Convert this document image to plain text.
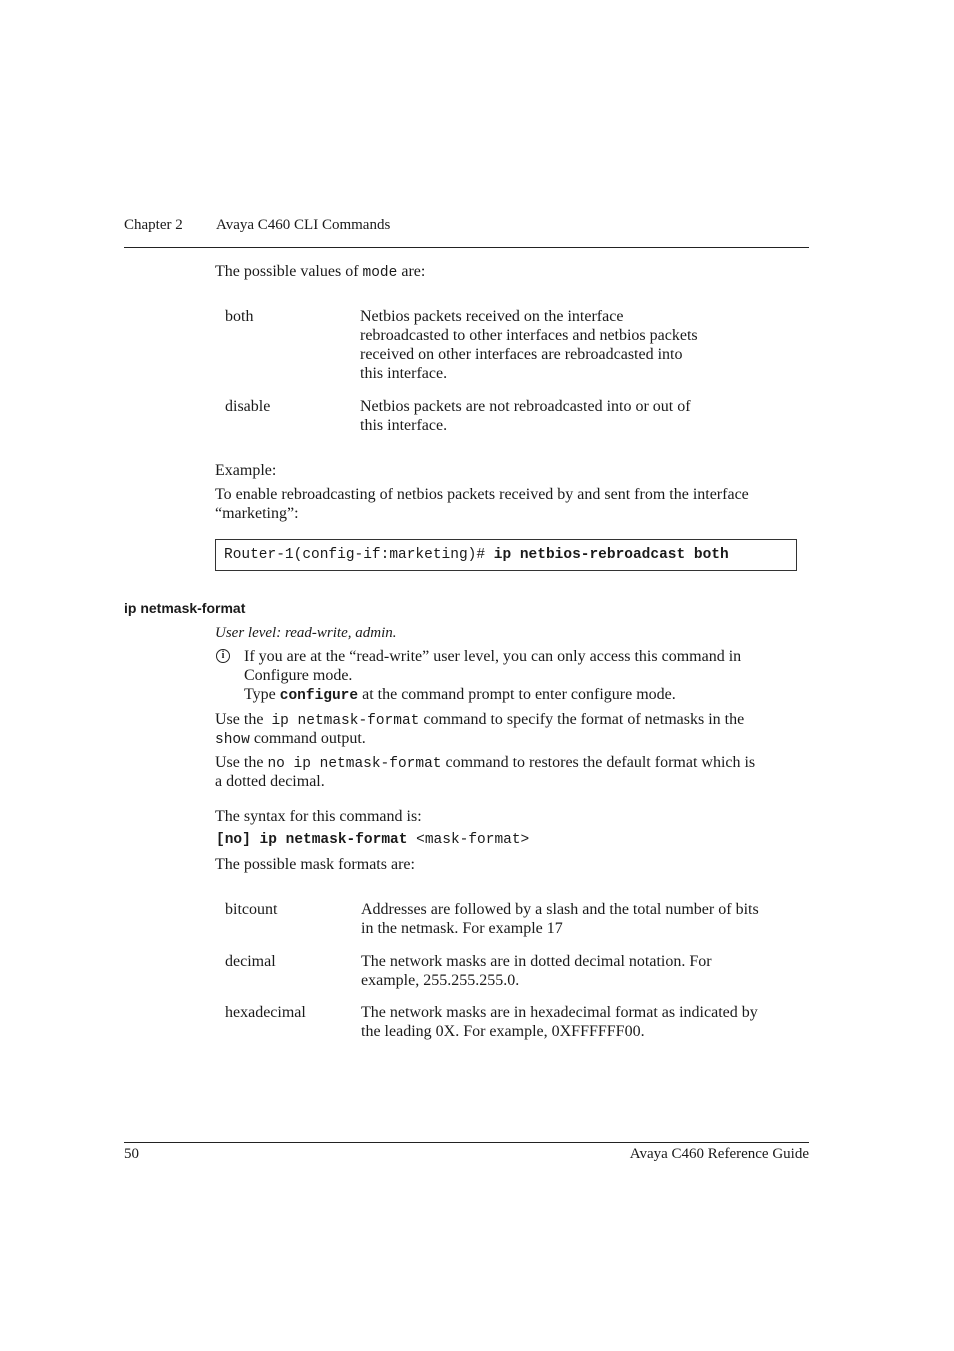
Chapter 2 Avaya C460 CLI Commands
The possible values of mode are:
both	Netbios packets received on the interface
rebroadcasted to other interfaces and netbios packets
received on other interfaces are rebroadcasted into
this interface.
disable	Netbios packets are not rebroadcasted into or out of
this interface.
Example:
To enable rebroadcasting of netbios packets received by and sent from the interface
“marketing”:
Router-1(config-if:marketing)# ip netbios-rebroadcast both
ip netmask-format
User level: read-write, admin.
i	If you are at the “read-write” user level, you can only access this command in
Configure mode.
Type configure at the command prompt to enter configure mode.
Use the  ip netmask-format command to specify the format of netmasks in the
show command output.
Use the no ip netmask-format command to restores the default format which is
a dotted decimal.
The syntax for this command is:
[no] ip netmask-format <mask-format>
The possible mask formats are:
bitcount	Addresses are followed by a slash and the total number of bits
in the netmask. For example 17
decimal	The network masks are in dotted decimal notation. For
example, 255.255.255.0.
hexadecimal	The network masks are in hexadecimal format as indicated by
the leading 0X. For example, 0XFFFFFF00.
50	Avaya C460 Reference Guide
